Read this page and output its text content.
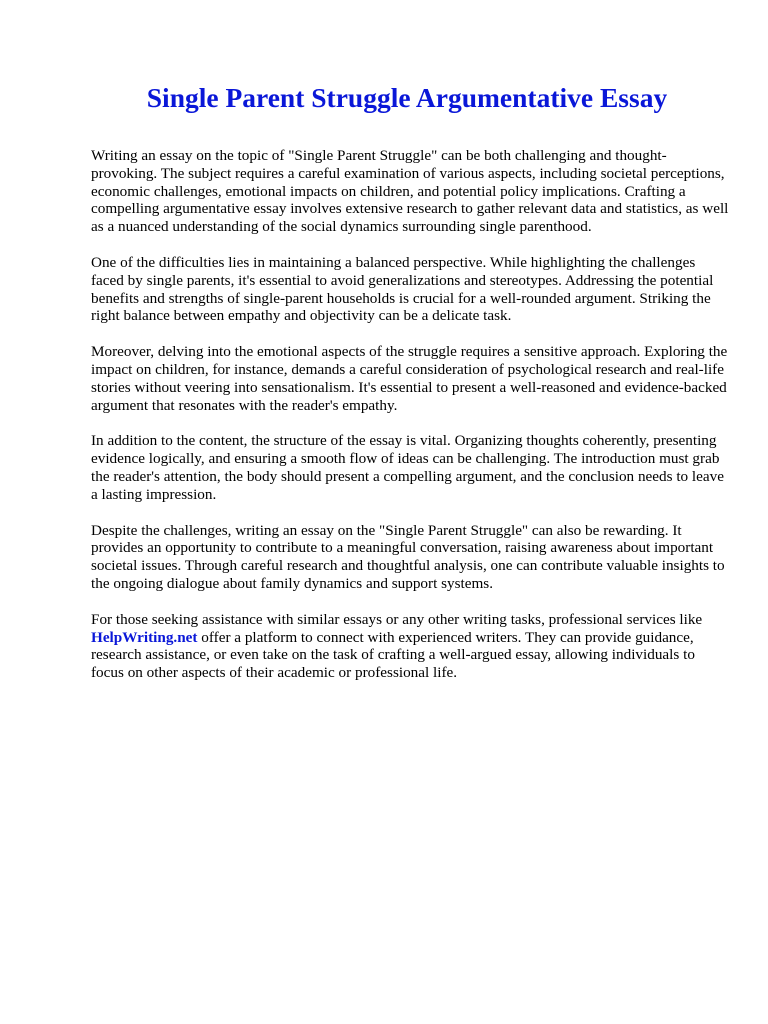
Single Parent Struggle Argumentative Essay

Writing an essay on the topic of "Single Parent Struggle" can be both challenging and thought-provoking. The subject requires a careful examination of various aspects, including societal perceptions, economic challenges, emotional impacts on children, and potential policy implications. Crafting a compelling argumentative essay involves extensive research to gather relevant data and statistics, as well as a nuanced understanding of the social dynamics surrounding single parenthood.

One of the difficulties lies in maintaining a balanced perspective. While highlighting the challenges faced by single parents, it's essential to avoid generalizations and stereotypes. Addressing the potential benefits and strengths of single-parent households is crucial for a well-rounded argument. Striking the right balance between empathy and objectivity can be a delicate task.

Moreover, delving into the emotional aspects of the struggle requires a sensitive approach. Exploring the impact on children, for instance, demands a careful consideration of psychological research and real-life stories without veering into sensationalism. It's essential to present a well-reasoned and evidence-backed argument that resonates with the reader's empathy.

In addition to the content, the structure of the essay is vital. Organizing thoughts coherently, presenting evidence logically, and ensuring a smooth flow of ideas can be challenging. The introduction must grab the reader's attention, the body should present a compelling argument, and the conclusion needs to leave a lasting impression.

Despite the challenges, writing an essay on the "Single Parent Struggle" can also be rewarding. It provides an opportunity to contribute to a meaningful conversation, raising awareness about important societal issues. Through careful research and thoughtful analysis, one can contribute valuable insights to the ongoing dialogue about family dynamics and support systems.

For those seeking assistance with similar essays or any other writing tasks, professional services like HelpWriting.net offer a platform to connect with experienced writers. They can provide guidance, research assistance, or even take on the task of crafting a well-argued essay, allowing individuals to focus on other aspects of their academic or professional life.
